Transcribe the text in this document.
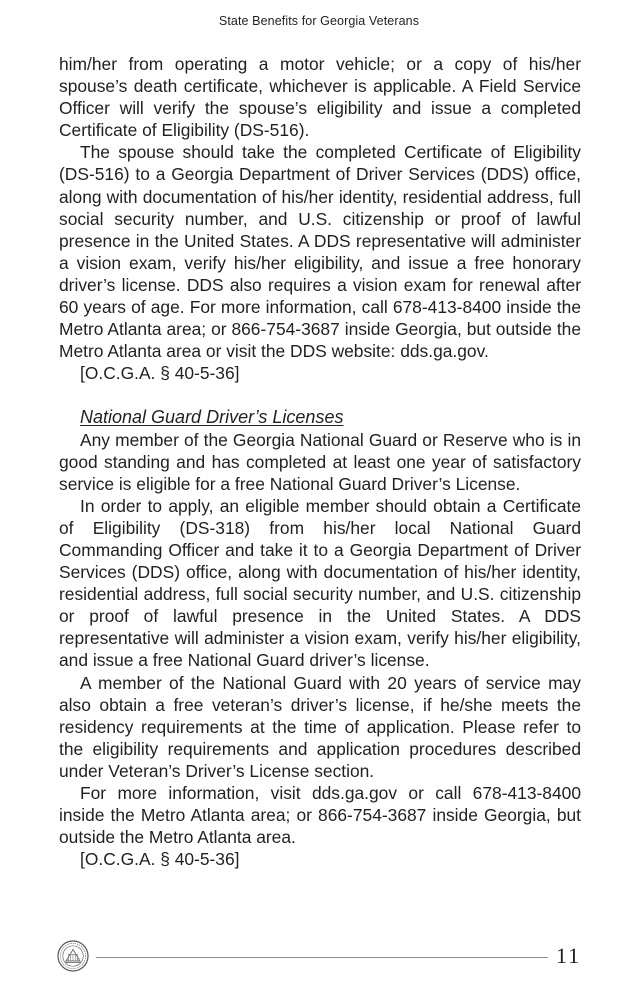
State Benefits for Georgia Veterans

him/her from operating a motor vehicle; or a copy of his/her spouse’s death certificate, whichever is applicable. A Field Service Officer will verify the spouse’s eligibility and issue a completed Certificate of Eligibility (DS-516).

The spouse should take the completed Certificate of Eligibility (DS-516) to a Georgia Department of Driver Services (DDS) office, along with documentation of his/her identity, residential address, full social security number, and U.S. citizenship or proof of lawful presence in the United States. A DDS representative will administer a vision exam, verify his/her eligibility, and issue a free honorary driver’s license. DDS also requires a vision exam for renewal after 60 years of age. For more information, call 678-413-8400 inside the Metro Atlanta area; or 866-754-3687 inside Georgia, but outside the Metro Atlanta area or visit the DDS website: dds.ga.gov.

[O.C.G.A. § 40-5-36]

National Guard Driver’s Licenses

Any member of the Georgia National Guard or Reserve who is in good standing and has completed at least one year of satisfactory service is eligible for a free National Guard Driver’s License.

In order to apply, an eligible member should obtain a Certificate of Eligibility (DS-318) from his/her local National Guard Commanding Officer and take it to a Georgia Department of Driver Services (DDS) office, along with documentation of his/her identity, residential address, full social security number, and U.S. citizenship or proof of lawful presence in the United States. A DDS representative will administer a vision exam, verify his/her eligibility, and issue a free National Guard driver’s license.

A member of the National Guard with 20 years of service may also obtain a free veteran’s driver’s license, if he/she meets the residency requirements at the time of application. Please refer to the eligibility requirements and application procedures described under Veteran’s Driver’s License section.

For more information, visit dds.ga.gov or call 678-413-8400 inside the Metro Atlanta area; or 866-754-3687 inside Georgia, but outside the Metro Atlanta area.

[O.C.G.A. § 40-5-36]

11
